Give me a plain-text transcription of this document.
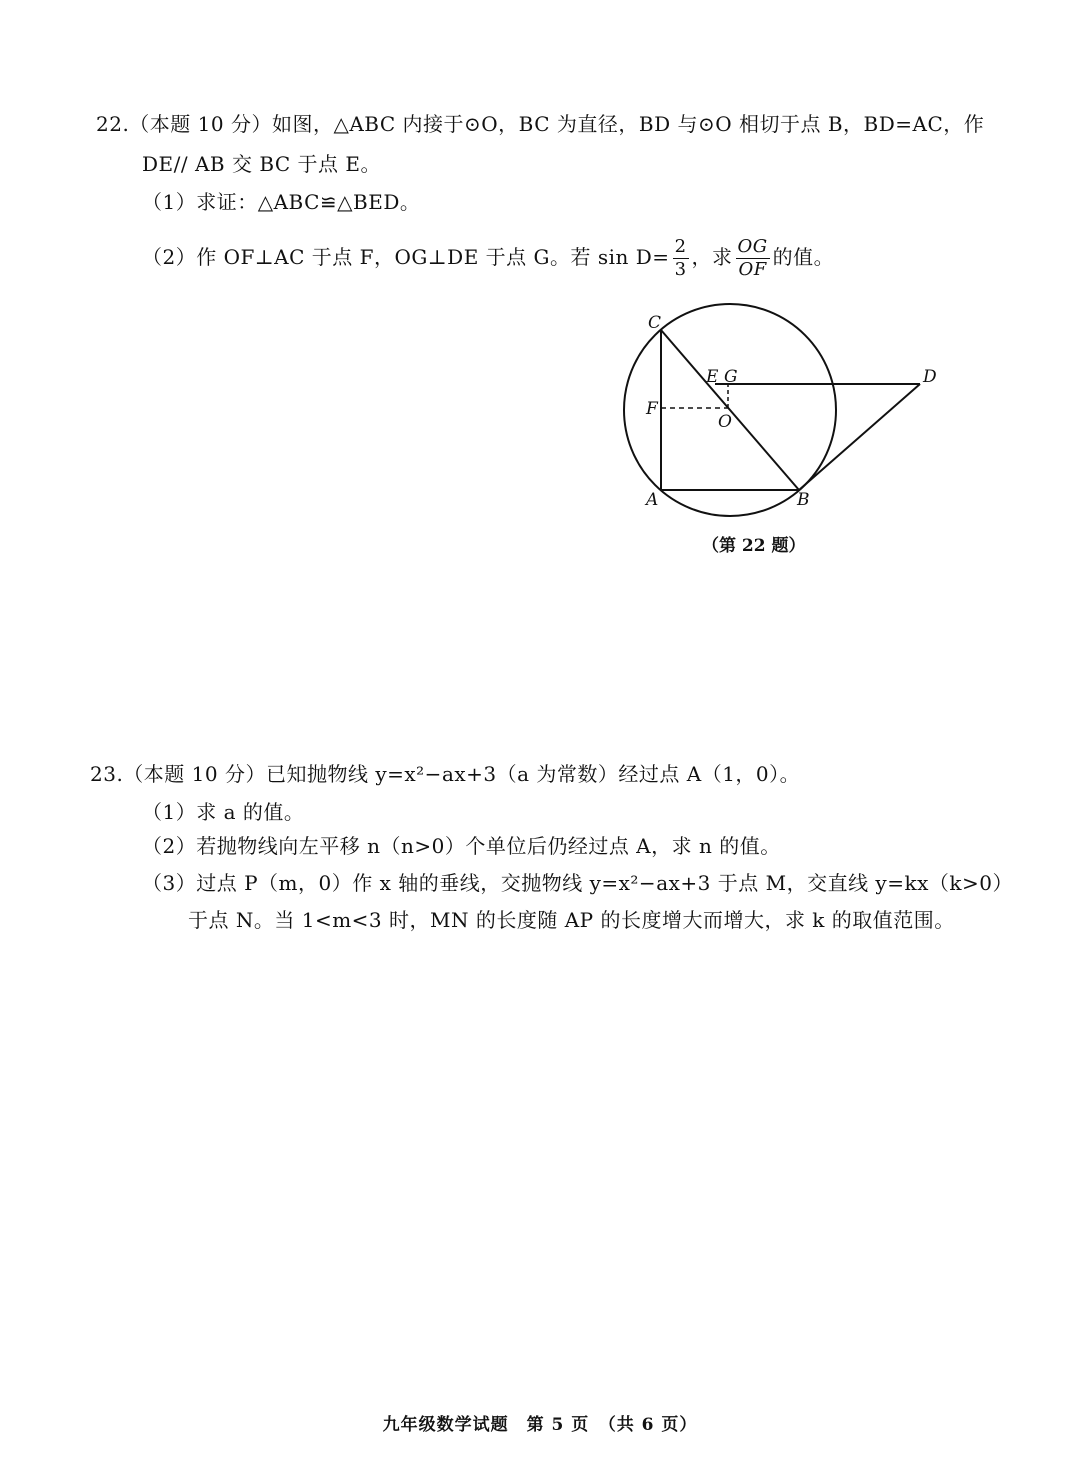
22.（本题 10 分）如图，△ABC 内接于⊙O，BC 为直径，BD 与⊙O 相切于点 B，BD=AC，作
DE// AB 交 BC 于点 E。
（1）求证：△ABC≌△BED。
（2）作 OF⊥AC 于点 F，OG⊥DE 于点 G。若 $\sin D= \frac{2}{3}$ ，求 $\frac{OG}{OF}$ 的值。
C
E G	D
F
O
A	B
（第 22 题）
23.（本题 10 分）已知抛物线 y=x²−ax+3（a 为常数）经过点 A（1，0）。
（1）求 a 的值。
（2）若抛物线向左平移 n（n>0）个单位后仍经过点 A，求 n 的值。
（3）过点 P（m，0）作 x 轴的垂线，交抛物线 y=x²−ax+3 于点 M，交直线 y=kx（k>0）
于点 N。当 1<m<3 时，MN 的长度随 AP 的长度增大而增大，求 k 的取值范围。
九年级数学试题　第 5 页　（共 6 页）
